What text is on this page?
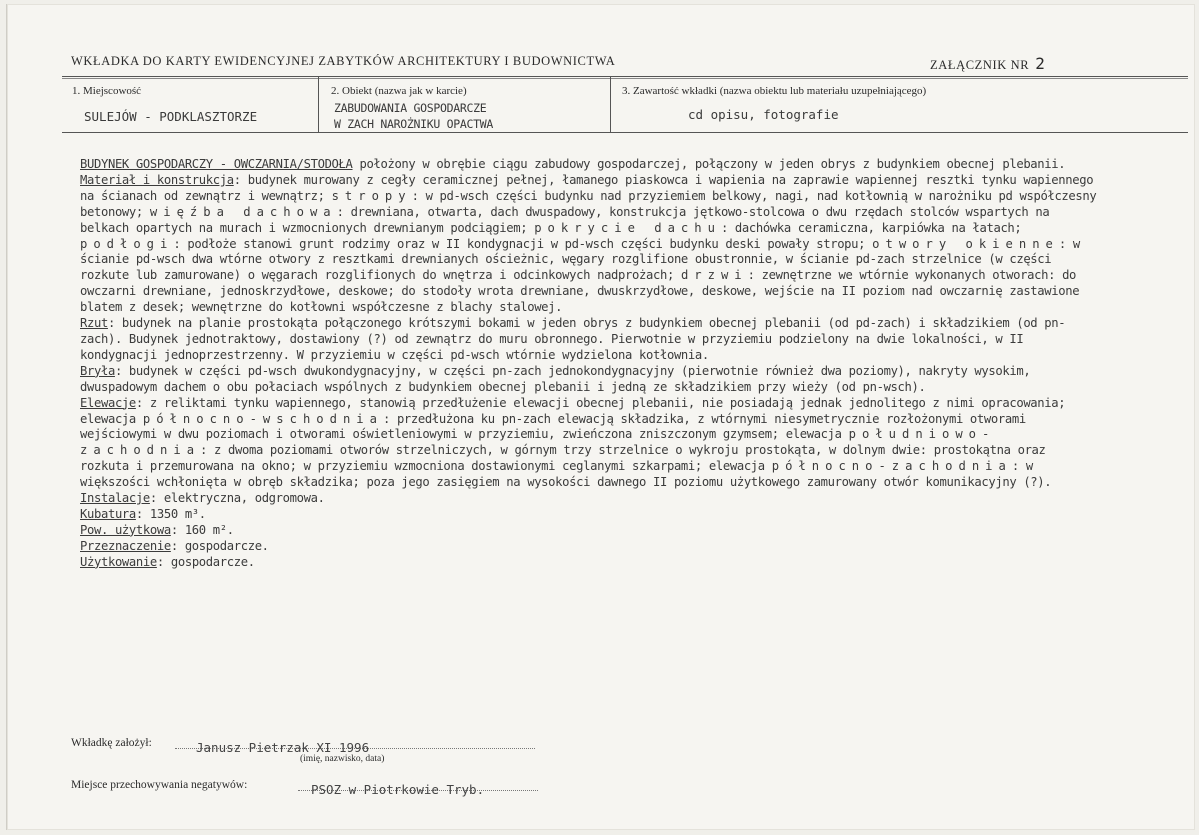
WKŁADKA DO KARTY EWIDENCYJNEJ ZABYTKÓW ARCHITEKTURY I BUDOWNICTWA	ZAŁĄCZNIK NR 2
1. Miejscowość
SULEJÓW - PODKLASZTORZE
2. Obiekt (nazwa jak w karcie)
ZABUDOWANIA GOSPODARCZE
W ZACH NAROŻNIKU OPACTWA
3. Zawartość wkładki (nazwa obiektu lub materiału uzupełniającego)
cd opisu, fotografie

BUDYNEK GOSPODARCZY - OWCZARNIA/STODOŁA położony w obrębie ciągu zabudowy gospodarczej, połączony w jeden obrys z budynkiem obecnej plebanii.

Materiał i konstrukcja: budynek murowany z cegły ceramicznej pełnej, łamanego piaskowca i wapienia na zaprawie wapiennej resztki tynku wapiennego na ścianach od zewnątrz i wewnątrz; stropy: w pd-wsch części budynku nad przyziemiem belkowy, nagi, nad kotłownią w narożniku pd współczesny betonowy; więźba dachowa: drewniana, otwarta, dach dwuspadowy, konstrukcja jętkowo-stolcowa o dwu rzędach stolców wspartych na belkach opartych na murach i wzmocnionych drewnianym podciągiem; pokrycie dachu: dachówka ceramiczna, karpiówka na łatach; podłogi: podłoże stanowi grunt rodzimy oraz w II kondygnacji w pd-wsch części budynku deski powały stropu; otwory okienne: w ścianie pd-wsch dwa wtórne otwory z resztkami drewnianych ościeżnic, węgary rozglifione obustronnie, w ścianie pd-zach strzelnice (w części rozkute lub zamurowane) o węgarach rozglifionych do wnętrza i odcinkowych nadprożach; drzwi: zewnętrzne we wtórnie wykonanych otworach: do owczarni drewniane, jednoskrzydłowe, deskowe; do stodoły wrota drewniane, dwuskrzydłowe, deskowe, wejście na II poziom nad owczarnię zastawione blatem z desek; wewnętrzne do kotłowni współczesne z blachy stalowej.

Rzut: budynek na planie prostokąta połączonego krótszymi bokami w jeden obrys z budynkiem obecnej plebanii (od pd-zach) i składzikiem (od pn-zach). Budynek jednotraktowy, dostawiony (?) od zewnątrz do muru obronnego. Pierwotnie w przyziemiu podzielony na dwie lokalności, w II kondygnacji jednoprzestrzenny. W przyziemiu w części pd-wsch wtórnie wydzielona kotłownia.

Bryła: budynek w części pd-wsch dwukondygnacyjny, w części pn-zach jednokondygnacyjny (pierwotnie również dwa poziomy), nakryty wysokim, dwuspadowym dachem o obu połaciach wspólnych z budynkiem obecnej plebanii i jedną ze składzikiem przy wieży (od pn-wsch).

Elewacje: z reliktami tynku wapiennego, stanowią przedłużenie elewacji obecnej plebanii, nie posiadają jednak jednolitego z nimi opracowania; elewacja północno-wschodnia: przedłużona ku pn-zach elewacją składzika, z wtórnymi niesymetrycznie rozłożonymi otworami wejściowymi w dwu poziomach i otworami oświetleniowymi w przyziemiu, zwieńczona zniszczonym gzymsem; elewacja południowo-zachodnia: z dwoma poziomami otworów strzelniczych, w górnym trzy strzelnice o wykroju prostokąta, w dolnym dwie: prostokątna oraz rozkuta i przemurowana na okno; w przyziemiu wzmocniona dostawionymi ceglanymi szkarpami; elewacja północno-zachodnia: w większości wchłonięta w obręb składzika; poza jego zasięgiem na wysokości dawnego II poziomu użytkowego zamurowany otwór komunikacyjny (?).

Instalacje: elektryczna, odgromowa.

Kubatura: 1350 m³.

Pow. użytkowa: 160 m².

Przeznaczenie: gospodarcze.

Użytkowanie: gospodarcze.

Wkładkę założył:	Janusz Pietrzak XI 1996
(imię, nazwisko, data)
Miejsce przechowywania negatywów:	PSOZ w Piotrkowie Tryb.
